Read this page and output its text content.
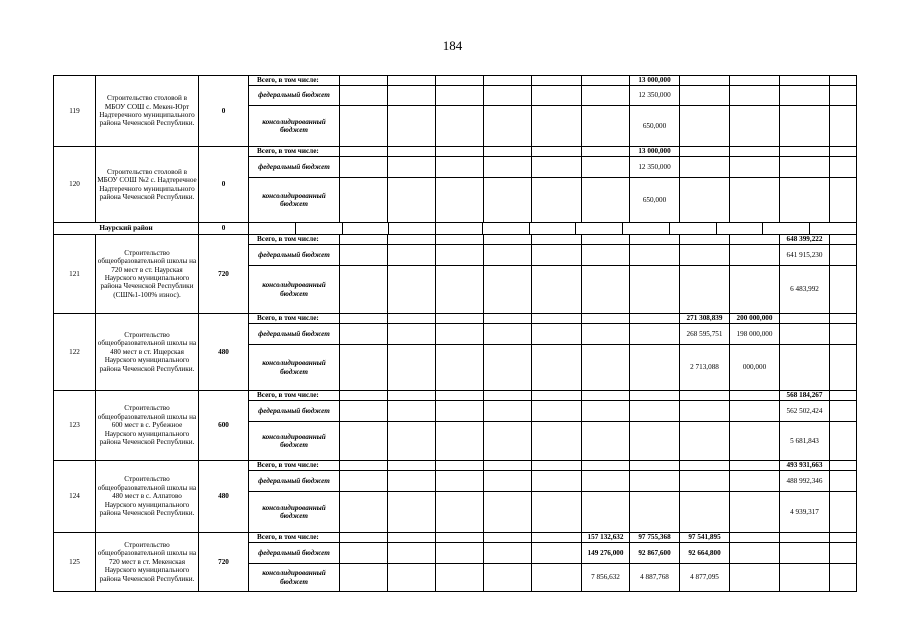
184
119	Строительство столовой в МБОУ СОШ с. Мекен-Юрт Надтеречного муниципального района Чеченской Республики.	0	Всего, в том числе:							13 000,000				
			федеральный бюджет							12 350,000				
			консолидированный бюджет							650,000				
120	Строительство столовой в МБОУ СОШ №2 с. Надтеречное Надтеречного муниципального района Чеченской Республики.	0	Всего, в том числе:							13 000,000				
			федеральный бюджет							12 350,000				
			консолидированный бюджет							650,000				
Наурский район		0												

121	Строительство общеобразовательной школы на 720 мест в ст. Наурская Наурского муниципального района Чеченской Республики (СШ№1-100% износ).	720	Всего, в том числе:										648 399,222	
			федеральный бюджет										641 915,230	
			консолидированный бюджет										6 483,992	
122	Строительство общеобразовательной школы на 480 мест в ст. Ищерская Наурского муниципального района Чеченской Республики.	480	Всего, в том числе:								271 308,839	200 000,000		
			федеральный бюджет								268 595,751	198 000,000		
			консолидированный бюджет								2 713,088	000,000		
123	Строительство общеобразовательной школы на 600 мест в с. Рубежное Наурского муниципального района Чеченской Республики.	600	Всего, в том числе:										568 184,267	
			федеральный бюджет										562 502,424	
			консолидированный бюджет										5 681,843	
124	Строительство общеобразовательной школы на 480 мест в с. Алпатово Наурского муниципального района Чеченской Республики.	480	Всего, в том числе:										493 931,663	
			федеральный бюджет										488 992,346	
			консолидированный бюджет										4 939,317	
125	Строительство общеобразовательной школы на 720 мест в ст. Мекенская Наурского муниципального района Чеченской Республики.	720	Всего, в том числе:						157 132,632	97 755,368	97 541,895			
			федеральный бюджет						149 276,000	92 867,600	92 664,800			
			консолидированный бюджет						7 856,632	4 887,768	4 877,095			
